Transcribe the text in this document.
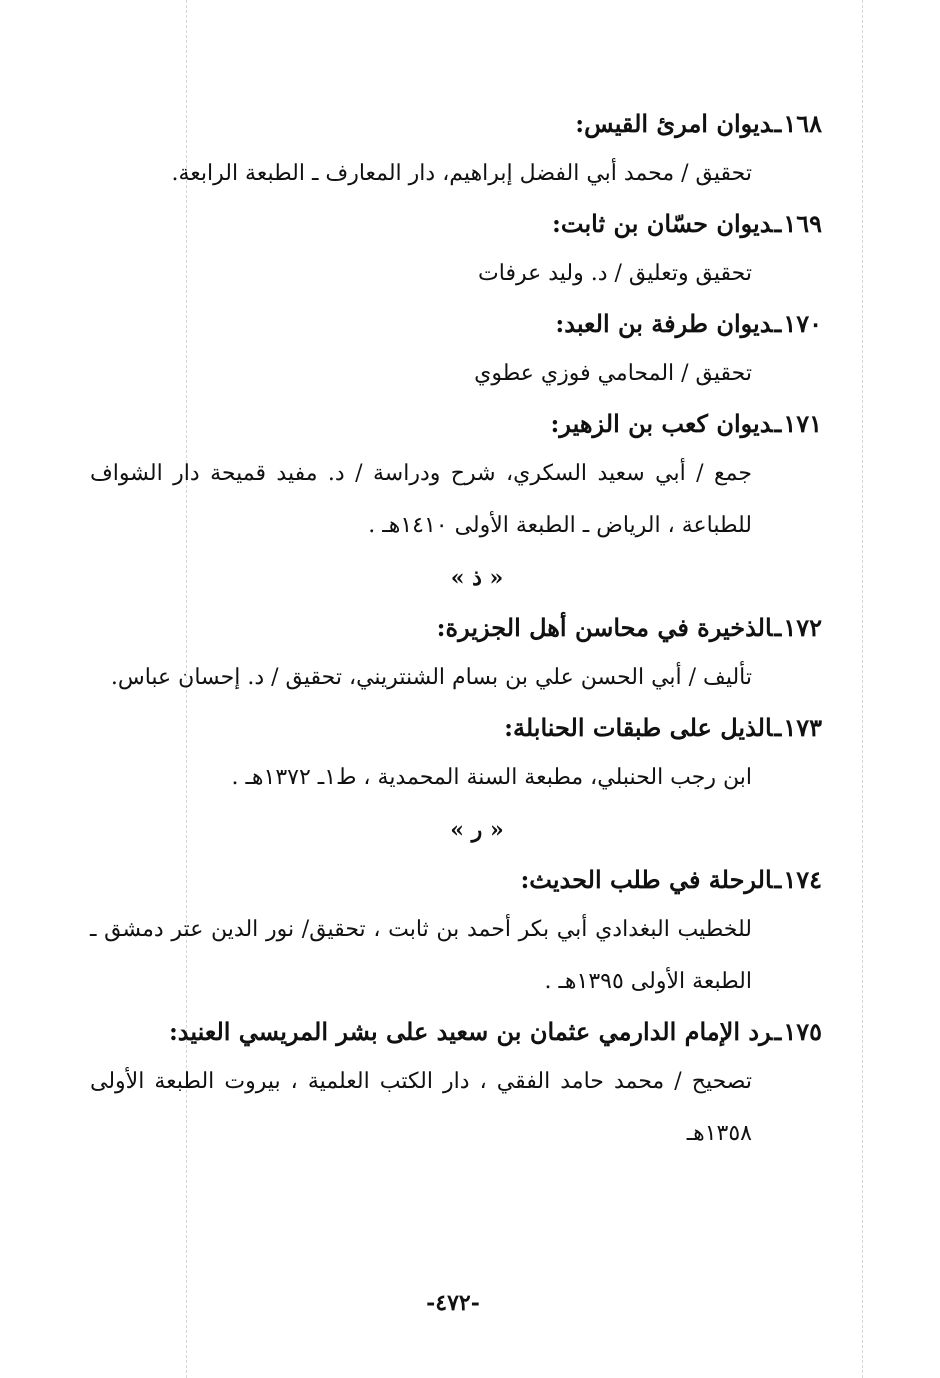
١٦٨ـديوان امرئ القيس:
تحقيق / محمد أبي الفضل إبراهيم، دار المعارف ـ الطبعة الرابعة.
١٦٩ـديوان حسّان بن ثابت:
تحقيق وتعليق / د. وليد عرفات
١٧٠ـديوان طرفة بن العبد:
تحقيق / المحامي فوزي عطوي
١٧١ـديوان كعب بن الزهير:
جمع / أبي سعيد السكري، شرح ودراسة / د. مفيد قميحة دار الشواف للطباعة ، الرياض ـ الطبعة الأولى ١٤١٠هـ .
« ذ »
١٧٢ـالذخيرة في محاسن أهل الجزيرة:
تأليف / أبي الحسن علي بن بسام الشنتريني، تحقيق / د. إحسان عباس.
١٧٣ـالذيل على طبقات الحنابلة:
ابن رجب الحنبلي، مطبعة السنة المحمدية ، ط١ـ ١٣٧٢هـ .
« ر »
١٧٤ـالرحلة في طلب الحديث:
للخطيب البغدادي أبي بكر أحمد بن ثابت ، تحقيق/ نور الدين عتر دمشق ـ الطبعة الأولى ١٣٩٥هـ .
١٧٥ـرد الإمام الدارمي عثمان بن سعيد على بشر المريسي العنيد:
تصحيح / محمد حامد الفقي ، دار الكتب العلمية ، بيروت الطبعة الأولى ١٣٥٨هـ
-٤٧٢-
